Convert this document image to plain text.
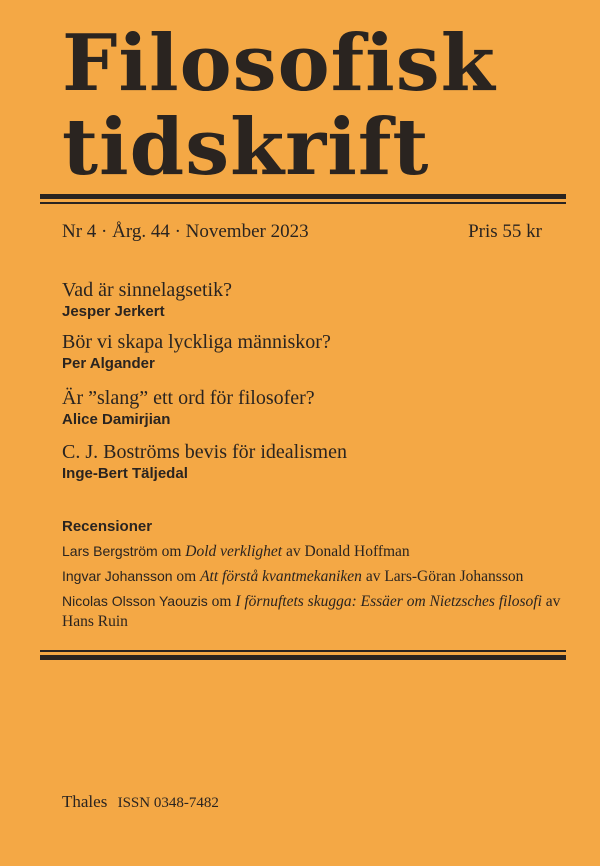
Filosofisk
tidskrift
Nr 4 · Årg. 44 · November 2023	Pris 55 kr
Vad är sinnelagsetik?
Jesper Jerkert
Bör vi skapa lyckliga människor?
Per Algander
Är ”slang” ett ord för filosofer?
Alice Damirjian
C. J. Boströms bevis för idealismen
Inge-Bert Täljedal
Recensioner
Lars Bergström om Dold verklighet av Donald Hoffman
Ingvar Johansson om Att förstå kvantmekaniken av Lars-Göran Johansson
Nicolas Olsson Yaouzis om I förnuftets skugga: Essäer om Nietzsches filosofi av Hans Ruin
Thales ISSN 0348-7482
